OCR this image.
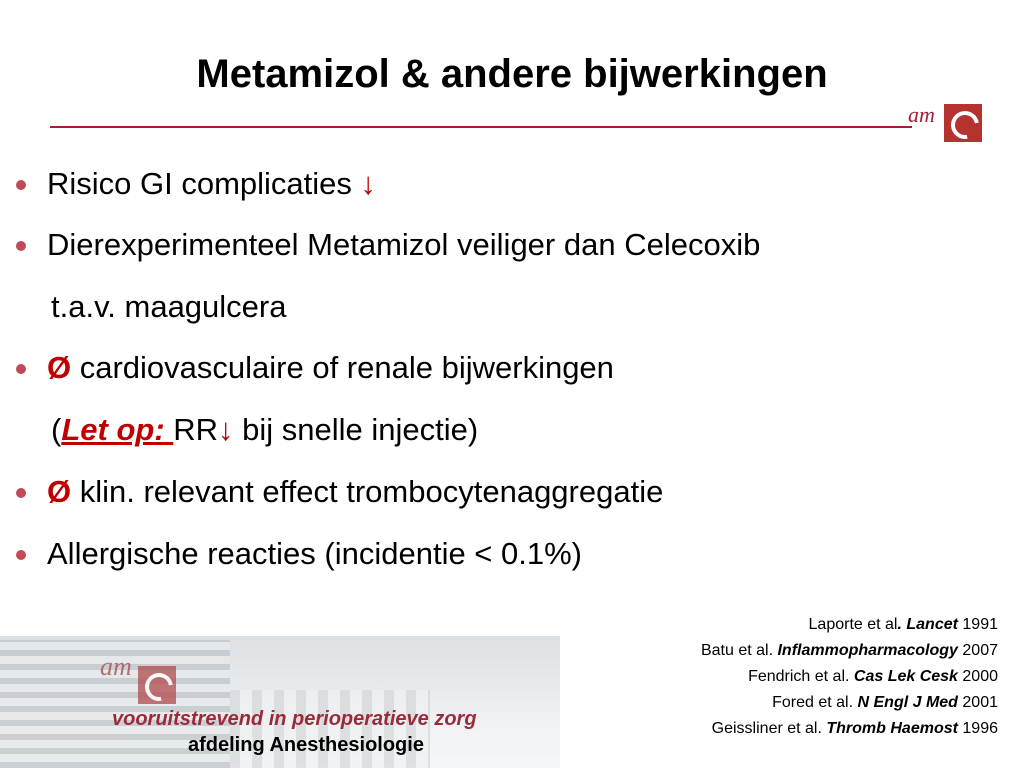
Metamizol & andere bijwerkingen
am
Risico GI complicaties ↓
Dierexperimenteel Metamizol veiliger dan Celecoxib
t.a.v. maagulcera
Ø cardiovasculaire of renale bijwerkingen
(Let op: RR↓ bij snelle injectie)
Ø klin. relevant effect trombocytenaggregatie
Allergische reacties (incidentie < 0.1%)
am
vooruitstrevend in perioperatieve zorg
afdeling Anesthesiologie
Laporte et al. Lancet 1991
Batu et al. Inflammopharmacology 2007
Fendrich et al. Cas Lek Cesk 2000
Fored et al. N Engl J Med 2001
Geissliner et al. Thromb Haemost 1996
